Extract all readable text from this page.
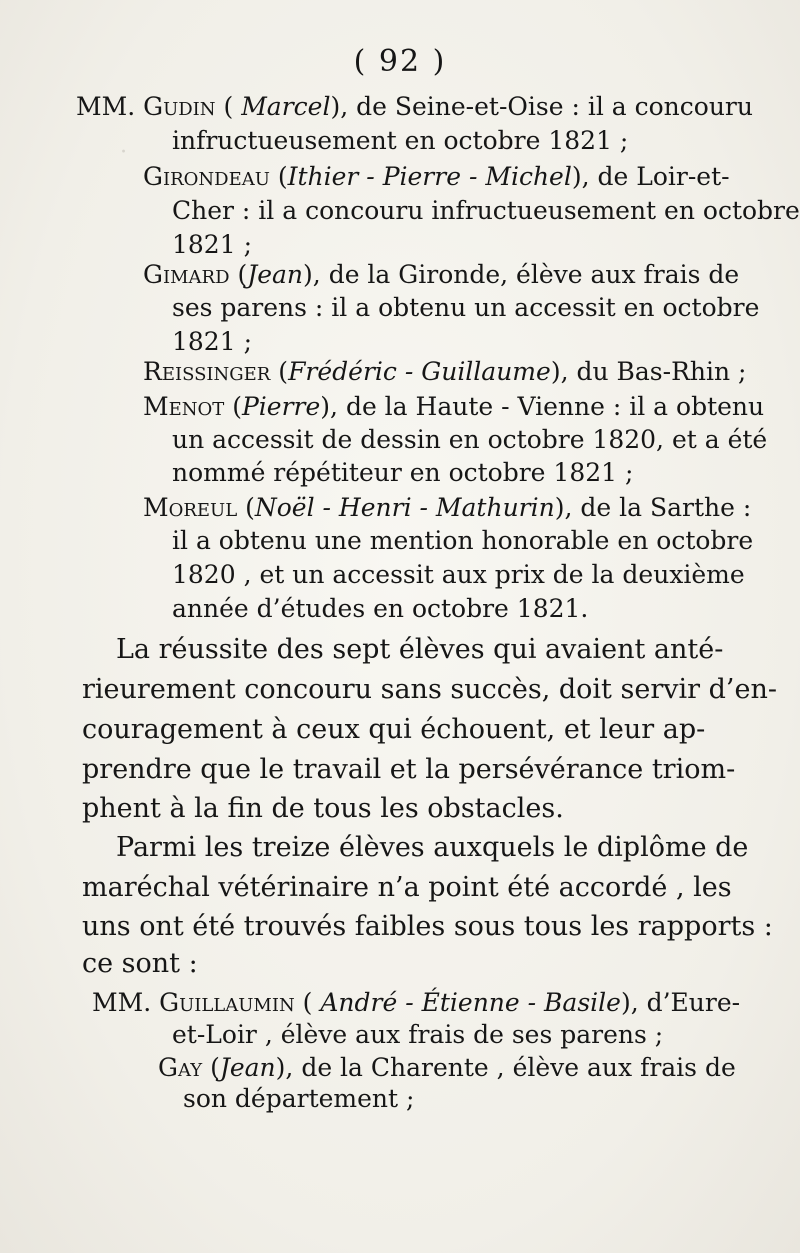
·
( 92 )
MM. Gudin ( Marcel), de Seine-et-Oise : il a concouru
infructueusement en octobre 1821 ;
Girondeau (Ithier - Pierre - Michel), de Loir-et-
Cher : il a concouru infructueusement en octobre
1821 ;
Gimard (Jean), de la Gironde, élève aux frais de
ses parens : il a obtenu un accessit en octobre
1821 ;
Reissinger (Frédéric - Guillaume), du Bas-Rhin ;
Menot (Pierre), de la Haute - Vienne : il a obtenu
un accessit de dessin en octobre 1820, et a été
nommé répétiteur en octobre 1821 ;
Moreul (Noël - Henri - Mathurin), de la Sarthe :
il a obtenu une mention honorable en octobre
1820 , et un accessit aux prix de la deuxième
année d’études en octobre 1821.
La réussite des sept élèves qui avaient anté-
rieurement concouru sans succès, doit servir d’en-
couragement à ceux qui échouent, et leur ap-
prendre que le travail et la persévérance triom-
phent à la fin de tous les obstacles.
Parmi les treize élèves auxquels le diplôme de
maréchal vétérinaire n’a point été accordé , les
uns ont été trouvés faibles sous tous les rapports :
ce sont :
MM. Guillaumin ( André - Étienne - Basile), d’Eure-
et-Loir , élève aux frais de ses parens ;
Gay (Jean), de la Charente , élève aux frais de
son département ;
